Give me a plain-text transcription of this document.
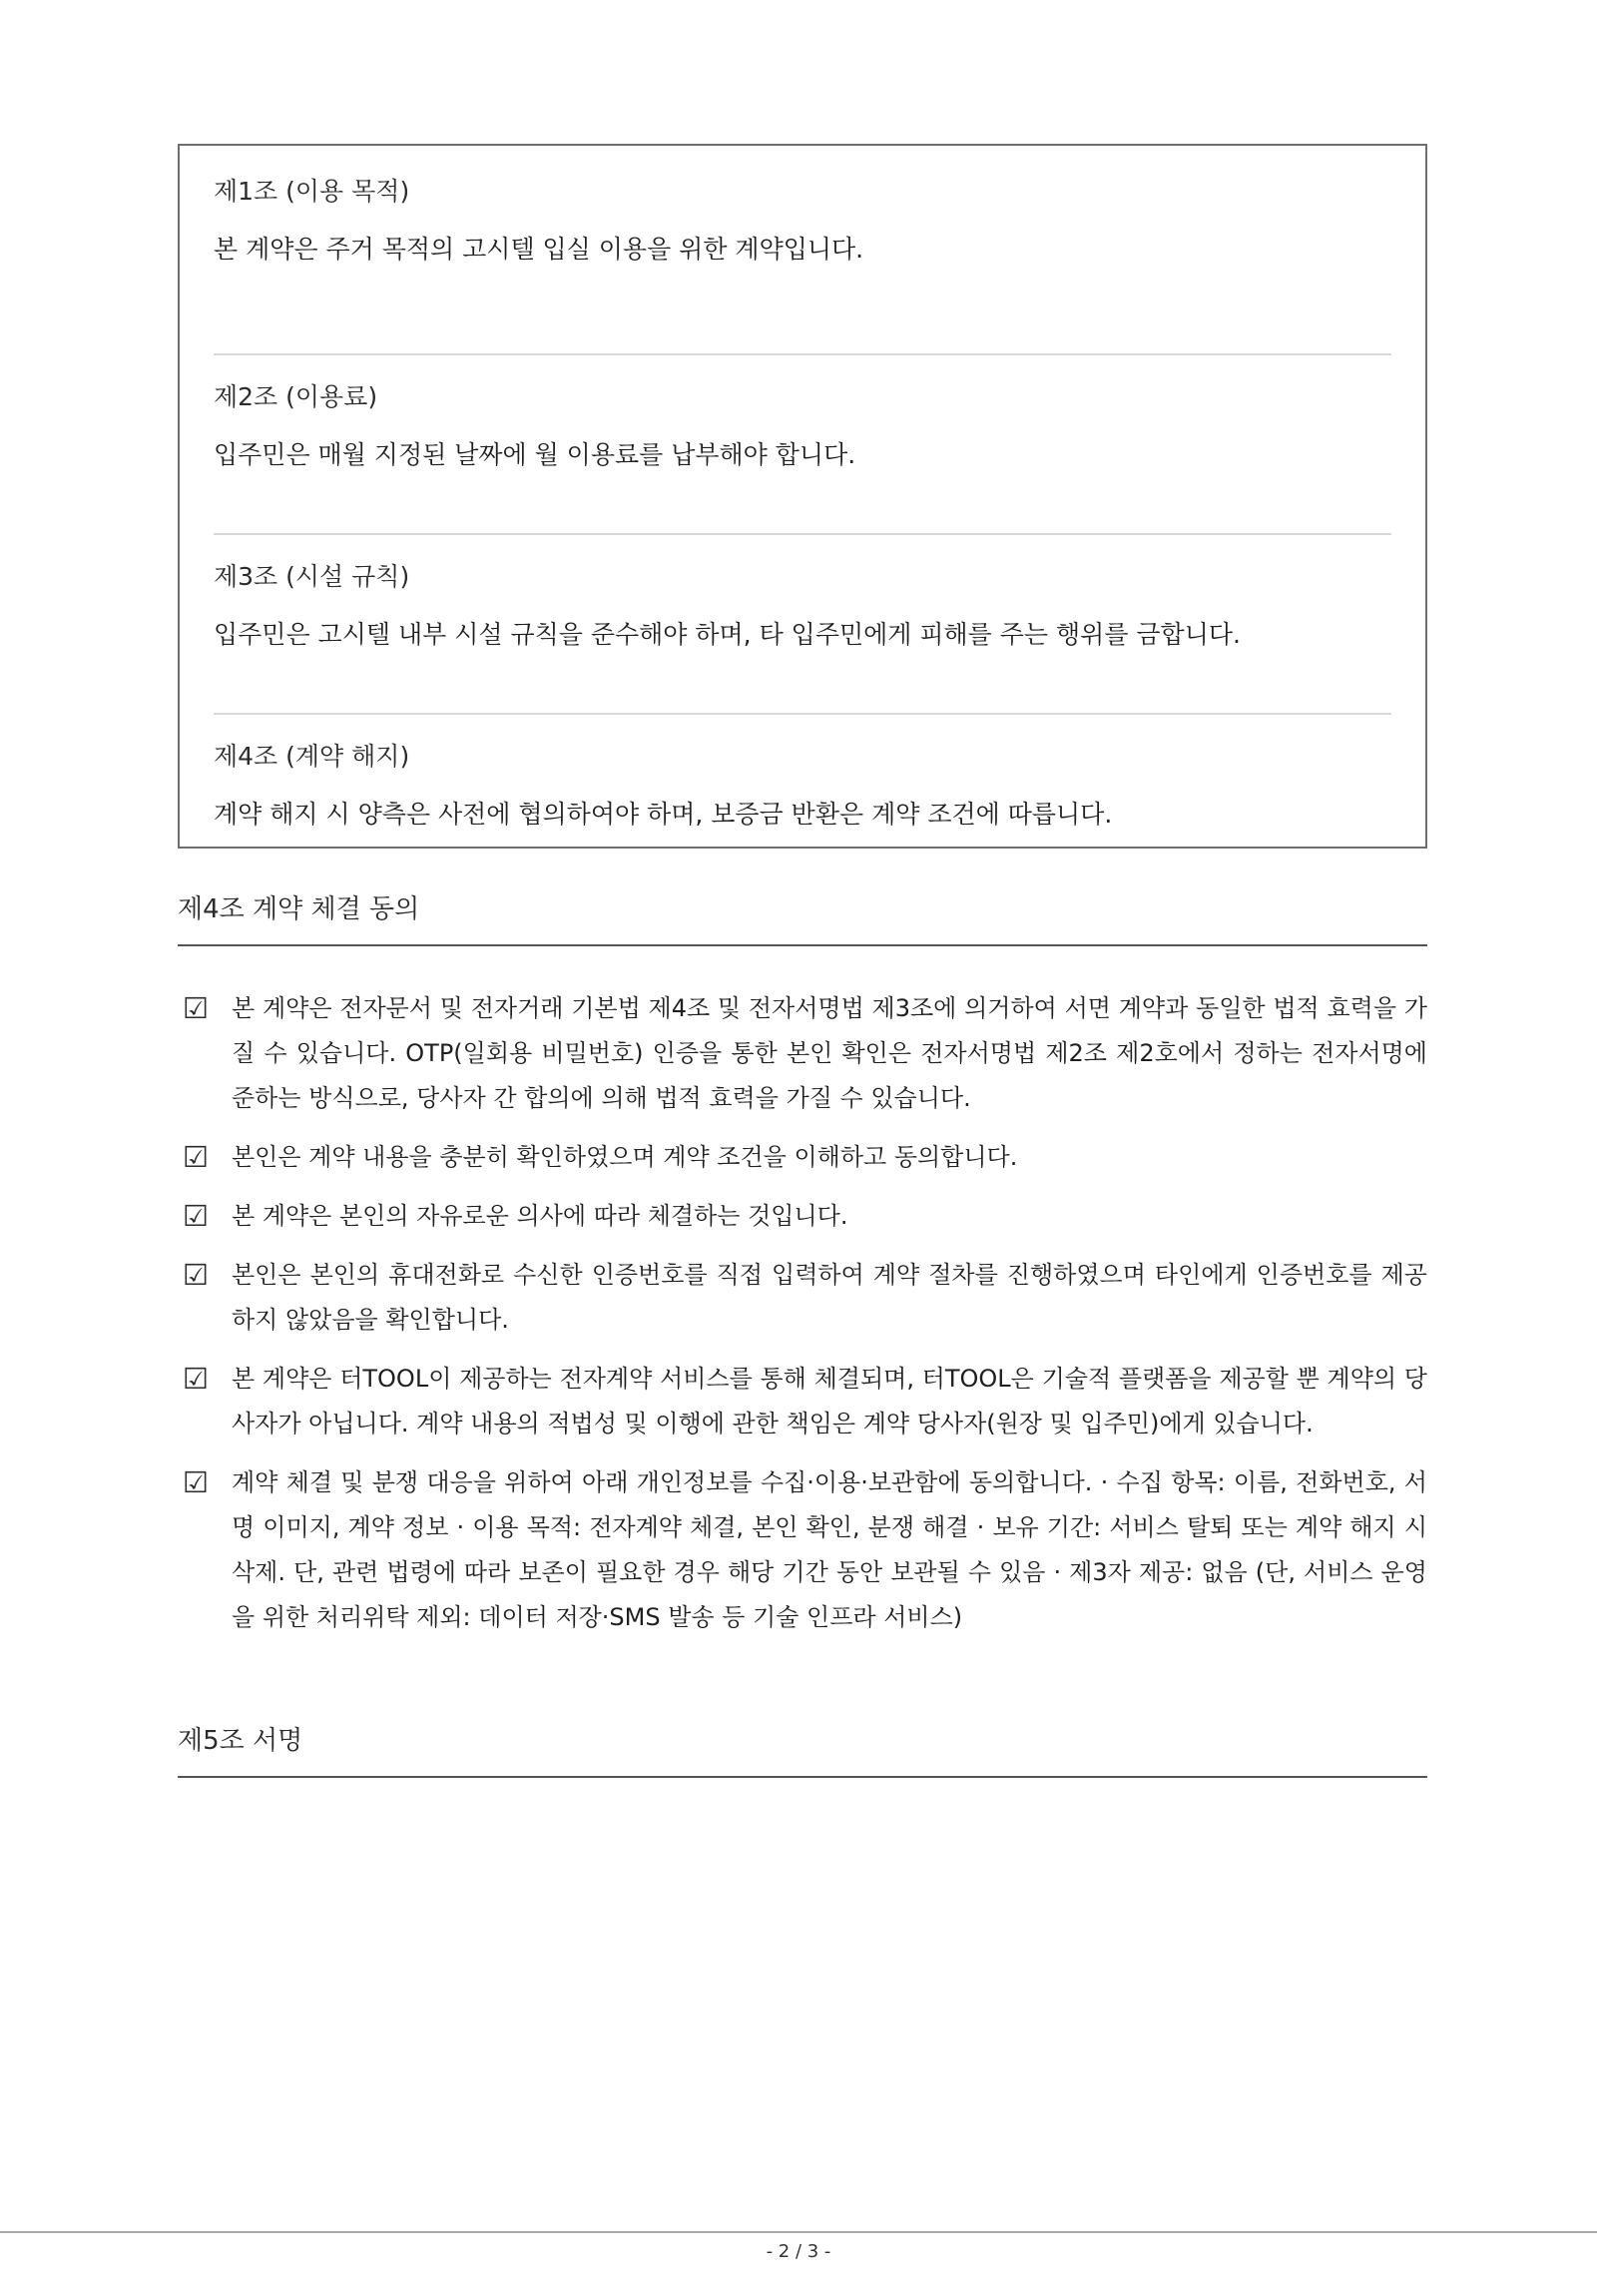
제1조 (이용 목적)
본 계약은 주거 목적의 고시텔 입실 이용을 위한 계약입니다.
제2조 (이용료)
입주민은 매월 지정된 날짜에 월 이용료를 납부해야 합니다.
제3조 (시설 규칙)
입주민은 고시텔 내부 시설 규칙을 준수해야 하며, 타 입주민에게 피해를 주는 행위를 금합니다.
제4조 (계약 해지)
계약 해지 시 양측은 사전에 협의하여야 하며, 보증금 반환은 계약 조건에 따릅니다.
제4조 계약 체결 동의
☑ 본 계약은 전자문서 및 전자거래 기본법 제4조 및 전자서명법 제3조에 의거하여 서면 계약과 동일한 법적 효력을 가질 수 있습니다. OTP(일회용 비밀번호) 인증을 통한 본인 확인은 전자서명법 제2조 제2호에서 정하는 전자서명에 준하는 방식으로, 당사자 간 합의에 의해 법적 효력을 가질 수 있습니다.
☑ 본인은 계약 내용을 충분히 확인하였으며 계약 조건을 이해하고 동의합니다.
☑ 본 계약은 본인의 자유로운 의사에 따라 체결하는 것입니다.
☑ 본인은 본인의 휴대전화로 수신한 인증번호를 직접 입력하여 계약 절차를 진행하였으며 타인에게 인증번호를 제공하지 않았음을 확인합니다.
☑ 본 계약은 터TOOL이 제공하는 전자계약 서비스를 통해 체결되며, 터TOOL은 기술적 플랫폼을 제공할 뿐 계약의 당사자가 아닙니다. 계약 내용의 적법성 및 이행에 관한 책임은 계약 당사자(원장 및 입주민)에게 있습니다.
☑ 계약 체결 및 분쟁 대응을 위하여 아래 개인정보를 수집·이용·보관함에 동의합니다. · 수집 항목: 이름, 전화번호, 서명 이미지, 계약 정보 · 이용 목적: 전자계약 체결, 본인 확인, 분쟁 해결 · 보유 기간: 서비스 탈퇴 또는 계약 해지 시 삭제. 단, 관련 법령에 따라 보존이 필요한 경우 해당 기간 동안 보관될 수 있음 · 제3자 제공: 없음 (단, 서비스 운영을 위한 처리위탁 제외: 데이터 저장·SMS 발송 등 기술 인프라 서비스)
제5조 서명
- 2 / 3 -
